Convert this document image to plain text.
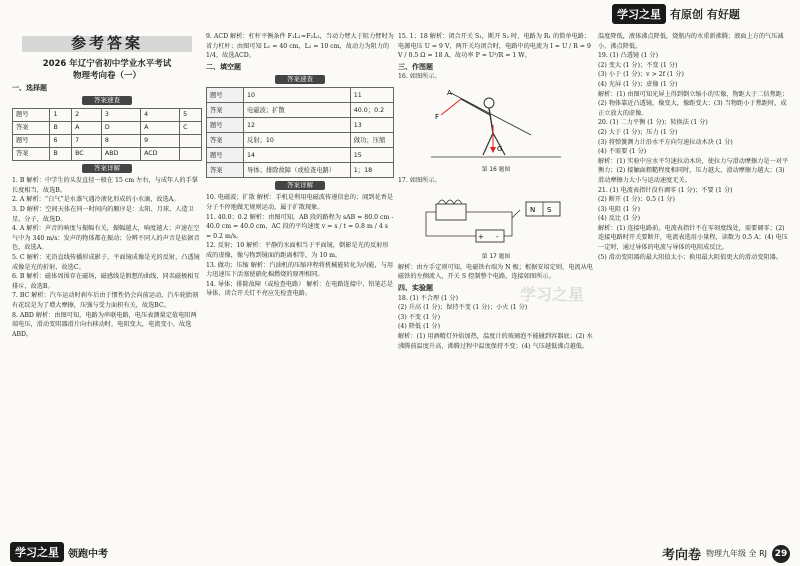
学习之星 有原创 有好题
参考答案
2026 年辽宁省初中学业水平考试
物理考向卷（一）
一、选择题
答案速查
题号	1	2	3	4	5
答案	B	A	D	A	C
题号	6	7	8	9	
答案	B	BC	ABD	ACD	
答案详解

1. B 解析：中学生的头发直径一般在 15 cm 左右，与成年人的手掌长度相当，故选B。

2. A 解析：“白气”是水蒸气遇冷液化形成的小水滴，故选A。

3. D 解析：空间天体在同一时间内的顺序是：太阳、月球、人造卫星、分子，故选D。

4. A 解析：声音的响度与振幅有关，振幅越大，响度越大；声速在空气中为 340 m/s；发声的物体都在振动；分辨不同人的声音是依据音色，故选A。

5. C 解析：光沿直线传播形成影子，平面镜成像是光的反射，凸透镜成像是光的折射，故选C。

6. B 解析：磁体周围存在磁场，磁感线是假想的曲线，同名磁极相互排斥，故选B。

7. BC 解析：汽车运动时刹车后由于惯性仍会向前运动，汽车轮胎刻有花纹是为了增大摩擦，压强与受力面积有关，故选BC。

8. ABD 解析：由图可知，电路为串联电路，电压表测量定值电阻两端电压，滑动变阻器滑片向右移动时，电阻变大，电流变小，故选ABD。

9. ACD 解析：杠杆平衡条件 F₁L₁=F₂L₂，当动力臂大于阻力臂时为省力杠杆；由图可知 L₁ = 40 cm，L₂ = 10 cm，故动力为阻力的 1/4，故选ACD。

二、填空题
答案速查
题号	10	11
答案	电磁波；扩散	40.0；0.2
题号	12	13
答案	反射；10	做功；压缩
题号	14	15
答案	导体；排除故障（或检查电路）	1；18
答案详解

10. 电磁波；扩散 解析：手机是利用电磁波传递信息的；闻到花香是分子不停地做无规则运动，属于扩散现象。

11. 40.0；0.2 解析：由图可知，AB 段的路程为 sAB = 80.0 cm - 40.0 cm = 40.0 cm，AC 段的平均速度 v = s / t = 0.8 m / 4 s = 0.2 m/s。

12. 反射；10 解析：平静的水面相当于平面镜，倒影是光的反射形成的虚像，像与物到镜面的距离相等，为 10 m。

13. 做功；压缩 解析：汽油机的压缩冲程将机械能转化为内能，与用力迅速压下活塞使硝化棉燃烧的原理相同。

14. 导体；排除故障（或检查电路） 解析：在电路连接中，铅笔芯是导体，闭合开关灯不亮应先检查电路。

15. 1；18 解析：闭合开关 S₁，断开 S₂ 时，电路为 R₁ 的简单电路；电源电压 U = 9 V，两开关均闭合时，电路中的电流为 I = U / R = 9 V / 0.5 Ω = 18 A，故功率 P = U²/R = 1 W。

三、作图题

16. 如图所示。

A
F
G
第 16 题图

17. 如图所示。

N S
+ -
第 17 题图

解析：由左手定则可知，电磁铁右端为 N 极；根据安培定则，电流从电磁铁的左侧流入，开关 S 控制整个电路，连接如图所示。

四、实验题

18. (1) 不合理 (1 分)

(2) 升高 (1 分)；保持不变 (1 分)；小火 (1 分)

(3) 不变 (1 分)

(4) 降低 (1 分)

解析：(1) 用酒精灯外焰加热，温度计的玻璃泡不能碰到容器底；(2) 水沸腾前温度升高，沸腾过程中温度保持不变；(4) 气压越低沸点越低。

温度降低，液体沸点降低，烧瓶内的水重新沸腾；液面上方的气压减小，沸点降低。

19. (1) 凸透镜 (1 分)

(2) 变大 (1 分)；不变 (1 分)

(3) 小于 (1 分)；v > 2f (1 分)

(4) 光屏 (1 分)；虚像 (1 分)

解析：(1) 由图可知光屏上得到倒立缩小的实像，物距大于二倍焦距；(2) 物体靠近凸透镜，像变大，像距变大；(3) 当物距小于焦距时，成正立放大的虚像。

20. (1) 二力平衡 (1 分)；转换法 (1 分)

(2) 大于 (1 分)；压力 (1 分)

(3) 将弹簧测力计沿水平方向匀速拉动木块 (1 分)

(4) 不需要 (1 分)

解析：(1) 实验中应水平匀速拉动木块，使拉力与滑动摩擦力是一对平衡力；(2) 接触面粗糙程度相同时，压力越大，滑动摩擦力越大；(3) 滑动摩擦力大小与运动速度无关。

21. (1) 电流表指针没有调零 (1 分)；不要 (1 分)

(2) 断开 (1 分)；0.5 (1 分)

(3) 电阻 (1 分)

(4) 反比 (1 分)

解析：(1) 连接电路前，电流表指针不在零刻度线处，需要调零；(2) 连接电路时开关要断开，电流表选用小量程，读数为 0.5 A；(4) 电压一定时，通过导体的电流与导体的电阻成反比。

(5) 滑动变阻器的最大阻值太小；换用最大阻值更大的滑动变阻器。

学习之星
学习之星 领跑中考	考向卷 物理九年级 全 RJ 29
